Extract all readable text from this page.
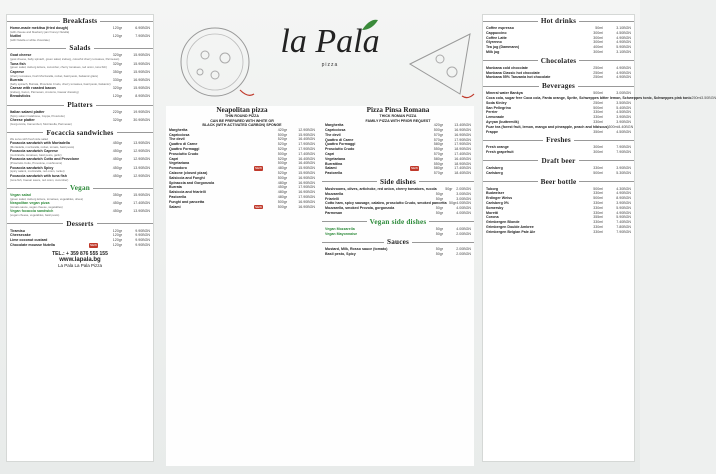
la Pala
pizza
Breakfasts
Home-made mekitsa (fried dough)	120gr	6.90BGN
(with cheese and blueberry jam/ honey/ Nutella)
Nutlini	120gr	7.90BGN
(with Nutella or white chocolate)
Salads
Goat cheese	320gr	15.90BGN
(goat cheese, baby spinach, green salad, iceberg, colourful cherry tomatoes, Parmesan)
Tuna fish	320gr	15.90BGN
(green salad, iceberg lettuce, cucumber, cherry tomatoes, red onion, tuna fish)
Caprese	350gr	15.90BGN
(cherry tomatoes, fresh Mozzarella, rocket, basil pesto, balsamic glaze)
Burrata	330gr	16.90BGN
(baby spinach, Burrata, Prosciutto Crudo, cherry tomatoes, basil pesto, balsamic)
Caesar with roasted bacon	320gr	15.90BGN
(iceberg, bacon, Parmesan, croutons, Caesar dressing)
Breadsticks	120gr	8.90BGN
Platters
Italian salami platter	220gr	19.90BGN
(Spicy salami Calabrese, Coppa, Prosciutto)
Cheese platter	320gr	30.90BGN
(Gorgonzola, Camembert, Mozzarella, Parmesan)
Focaccia sandwiches
We serve with fresh side salad
Focaccia sandwich with Mortadella	450gr	13.90BGN
(Mortadella, mozzarella, rocket, tomato, basil pesto)
Focaccia sandwich Caprese	450gr	12.90BGN
(mozzarella, tomatoes, basil pesto, garlic)
Focaccia sandwich Cotto and Provolone	450gr	12.90BGN
(Prosciutto Cotto, Provolone, mushrooms)
Focaccia sandwich Spicy	450gr	13.90BGN
(spicy salami, mozzarella, red onion, rocket)
Focaccia sandwich with tuna fish	450gr	12.90BGN
(tuna fish, Caesar sauce, red onion, cucumber)
Vegan
Vegan salad	350gr	15.90BGN
(green salad, iceberg lettuce, tomatoes, vegetables, olives)
Neapolitan vegan pizza	450gr	17.40BGN
(tomato sauce, vegan cheese, vegetables)
Vegan focaccia sandwich	450gr	13.90BGN
(vegan cheese, vegetables, basil pesto)
Desserts
Tiramisu	120gr	9.90BGN
Cheesecake	120gr	9.90BGN
Lime coconut custard	120gr	9.90BGN
Chocolate mousse Nutella	NEW	120gr	9.90BGN
TEL.: + 359 876 555 155
www.lapala.bg
La Pala La Pala Pizza
Neapolitan pizza
THIN ROUND PIZZA
CAN BE PREPARED WITH WHITE OR
BLACK (WITH ACTIVATED CARBON) SPONGE
Margherita	420gr	12.90BGN
Capricciosa	500gr	15.90BGN
The devil	520gr	16.40BGN
Quattro di Carne	520gr	17.90BGN
Quattro Formaggi	520gr	17.90BGN
Prosciutto Crudo	500gr	17.40BGN
Capri	520gr	16.40BGN
Vegetariana	500gr	16.40BGN
Pomodoro	NEW	480gr	15.90BGN
Calzone (closed pizza)	520gr	15.90BGN
Salsiccia and Funghi	500gr	16.90BGN
Spinaccia and Gorgonzola	480gr	16.90BGN
Burrata	450gr	17.90BGN
Salsiccia and friarielli	480gr	16.90BGN
Pastorella	480gr	17.90BGN
Funghi and pancetta	500gr	16.90BGN
Salami	NEW	500gr	16.90BGN
Pizza Pinsa Romana
THICK ROMAN PIZZA
FAMILY PIZZA WITH PRIOR REQUEST
Margherita	420gr	13.40BGN
Capricciosa	500gr	16.90BGN
The devil	570gr	16.90BGN
Quattro di Carne	570gr	17.90BGN
Quattro Formaggi	580gr	17.90BGN
Prosciutto Crudo	550gr	18.90BGN
Capri	570gr	17.40BGN
Vegetariana	580gr	16.40BGN
Burrattina	550gr	18.90BGN
Salami	NEW	580gr	17.40BGN
Pastorella	570gr	18.40BGN
Side dishes
Mushrooms, olives, artichoke, red onion, cherry tomatoes, rucola	50gr	2.00BGN
Mozzarella	50gr	3.00BGN
Friarielli	50gr	3.00BGN
Cotto ham, spicy sausage, calabro, prosciutto Crudo, smoked pancetta 50gr 4.00BGN
Mozzarella, smoked Provola, gorgonzola	50gr	4.00BGN
Parmesan	50gr	4.00BGN
Vegan side dishes
Vegan Mozzarella	50gr	4.00BGN
Vegan Mayonnaise	50gr	2.00BGN
Sauces
Mustard, Milk, Rosso sauce (tomato)	50gr	2.00BGN
Basil pesto, Spicy	50gr	2.00BGN
Hot drinks
Coffee espresso	50ml	3.10BGN
Cappuccino	300ml	4.50BGN
Coffee Latte	300ml	4.90BGN
Glyrenno	300ml	4.90BGN
Tea jug (Dammann)	400ml	5.90BGN
Milk jug	300ml	3.10BGN
Chocolates
Monbana cold chocolate	250ml	4.90BGN
Monbana Classic hot chocolate	250ml	4.90BGN
Monbana 55% Tanzania hot chocolate	250ml	4.90BGN
Beverages
Mineral water Bankya	500ml	3.00BGN
Coca cola, sugar free Coca cola, Fanta orange, Sprite, Schweppes bitter lemon, Schweppes tonic, Schweppes pink tonic 250ml 3.50BGN
Soda Kinley	250ml	3.50BGN
San Pellegrino	500ml	5.40BGN
Perrier	330ml	4.50BGN
Lemonade	330ml	3.90BGN
Ayryan (buttermilk)	330ml	3.90BGN
Fuze tea (forest fruit, lemon, mango and pineapple, peach and hibiscus) 500ml 4.40BGN
Frappe	350ml	4.50BGN
Freshes
Fresh orange	300ml	7.90BGN
Fresh grapefruit	300ml	7.90BGN
Draft beer
Carlsberg	330ml	3.90BGN
Carlsberg	500ml	5.30BGN
Beer bottle
Tuborg	500ml	4.30BGN
Budweiser	330ml	4.90BGN
Erdinger Weiss	500ml	8.90BGN
Carlsberg 0%	330ml	3.90BGN
Somersby	330ml	5.90BGN
Moretti	330ml	4.90BGN
Corona	355ml	5.90BGN
Grimbergen Blonde	330ml	7.40BGN
Grimbergen Double Ambree	330ml	7.80BGN
Grimbergen Belgian Pale Ale	330ml	7.90BGN
